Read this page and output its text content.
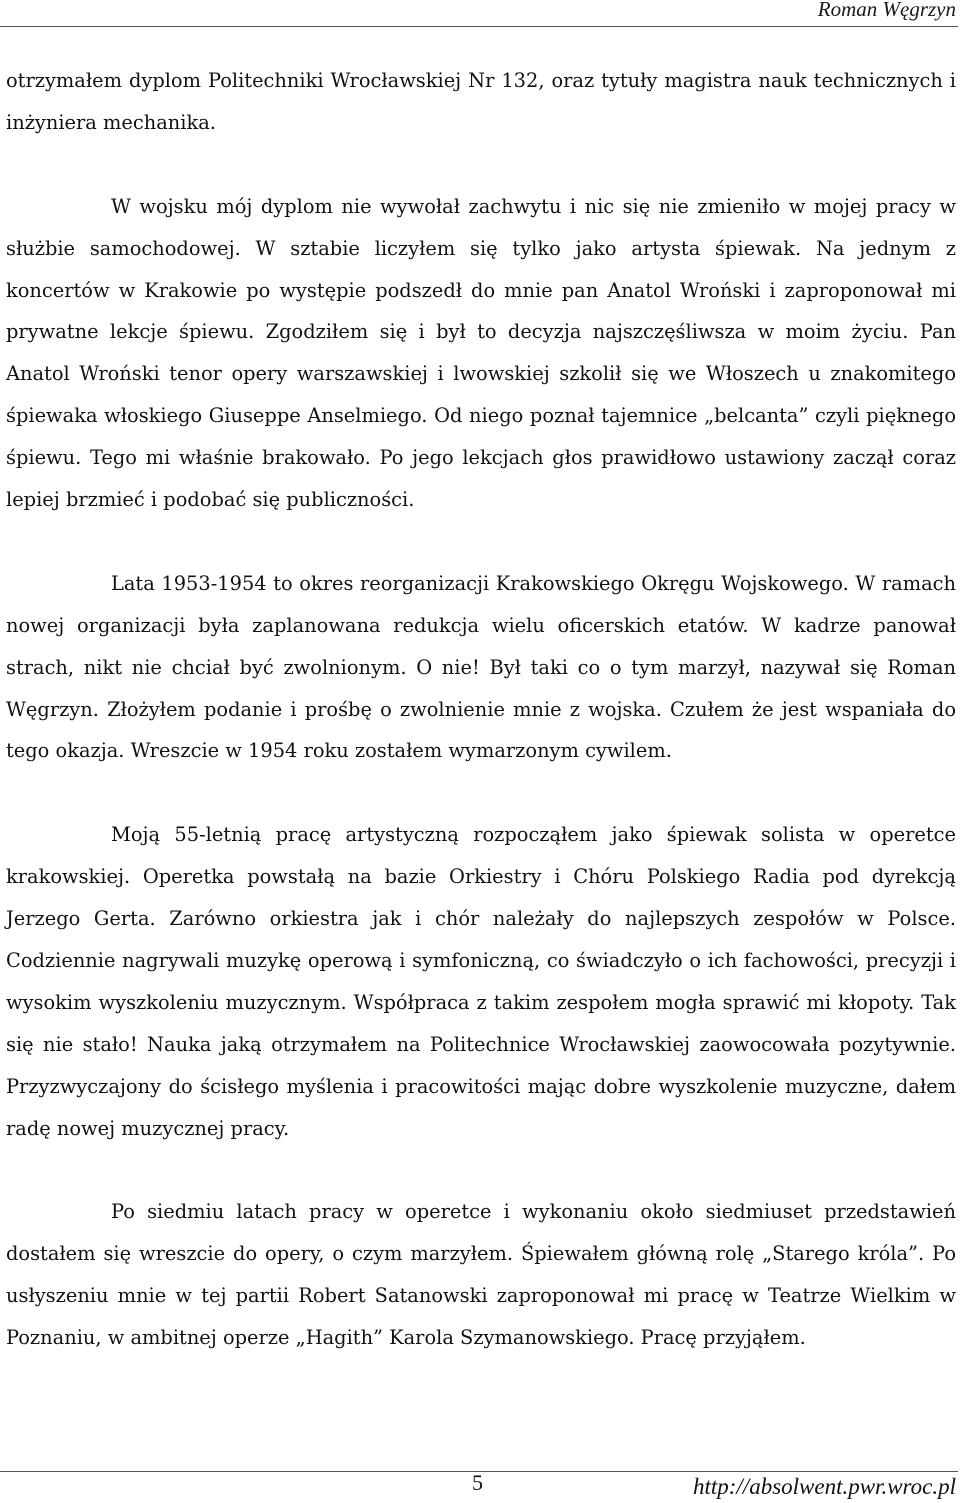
Roman Węgrzyn

otrzymałem dyplom Politechniki Wrocławskiej Nr 132, oraz tytuły magistra nauk technicznych i inżyniera mechanika.

W wojsku mój dyplom nie wywołał zachwytu i nic się nie zmieniło w mojej pracy w służbie samochodowej. W sztabie liczyłem się tylko jako artysta śpiewak. Na jednym z koncertów w Krakowie po występie podszedł do mnie pan Anatol Wroński i zaproponował mi prywatne lekcje śpiewu. Zgodziłem się i był to decyzja najszczęśliwsza w moim życiu. Pan Anatol Wroński tenor opery warszawskiej i lwowskiej szkolił się we Włoszech u znakomitego śpiewaka włoskiego Giuseppe Anselmiego. Od niego poznał tajemnice „belcanta” czyli pięknego śpiewu. Tego mi właśnie brakowało. Po jego lekcjach głos prawidłowo ustawiony zaczął coraz lepiej brzmieć i podobać się publiczności.

Lata 1953-1954 to okres reorganizacji Krakowskiego Okręgu Wojskowego. W ramach nowej organizacji była zaplanowana redukcja wielu oficerskich etatów. W kadrze panował strach, nikt nie chciał być zwolnionym. O nie! Był taki co o tym marzył, nazywał się Roman Węgrzyn. Złożyłem podanie i prośbę o zwolnienie mnie z wojska. Czułem że jest wspaniała do tego okazja. Wreszcie w 1954 roku zostałem wymarzonym cywilem.

Moją 55-letnią pracę artystyczną rozpocząłem jako śpiewak solista w operetce krakowskiej. Operetka powstałą na bazie Orkiestry i Chóru Polskiego Radia pod dyrekcją Jerzego Gerta. Zarówno orkiestra jak i chór należały do najlepszych zespołów w Polsce. Codziennie nagrywali muzykę operową i symfoniczną, co świadczyło o ich fachowości, precyzji i wysokim wyszkoleniu muzycznym. Współpraca z takim zespołem mogła sprawić mi kłopoty. Tak się nie stało! Nauka jaką otrzymałem na Politechnice Wrocławskiej zaowocowała pozytywnie. Przyzwyczajony do ścisłego myślenia i pracowitości mając dobre wyszkolenie muzyczne, dałem radę nowej muzycznej pracy.

Po siedmiu latach pracy w operetce i wykonaniu około siedmiuset przedstawień dostałem się wreszcie do opery, o czym marzyłem. Śpiewałem główną rolę „Starego króla”. Po usłyszeniu mnie w tej partii Robert Satanowski zaproponował mi pracę w Teatrze Wielkim w Poznaniu, w ambitnej operze „Hagith” Karola Szymanowskiego. Pracę przyjąłem.

5	http://absolwent.pwr.wroc.pl
